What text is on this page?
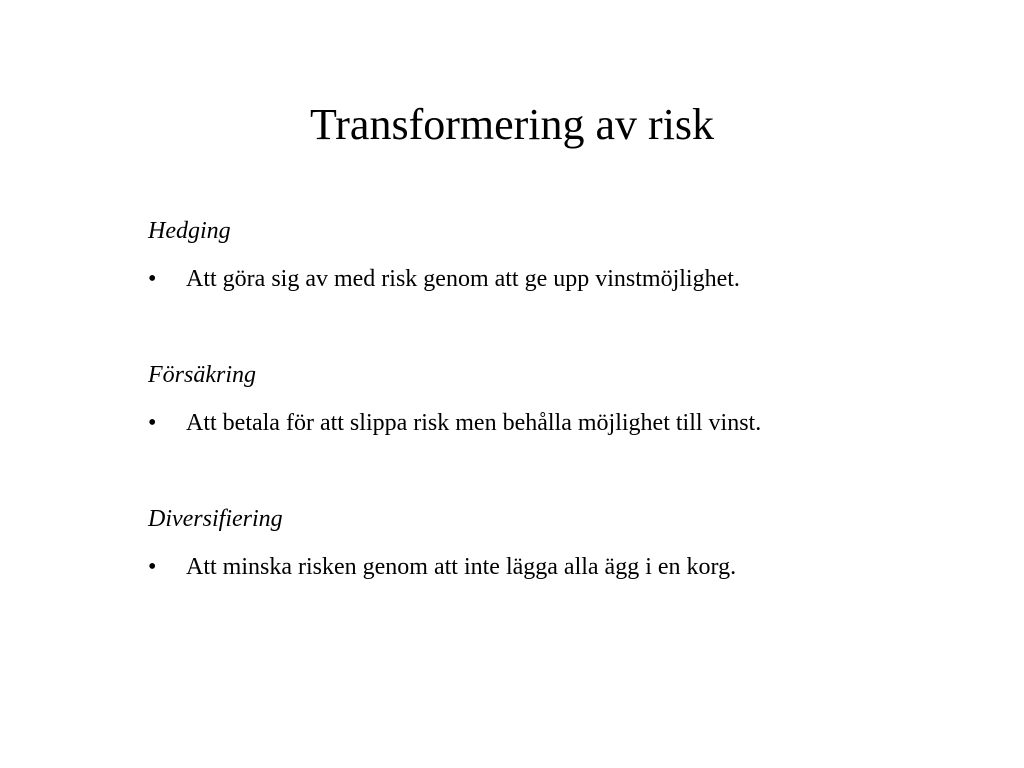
Transformering av risk
Hedging
•	Att göra sig av med risk genom att ge upp vinstmöjlighet.
Försäkring
•	Att betala för att slippa risk men behålla möjlighet till vinst.
Diversifiering
•	Att minska risken genom att inte lägga alla ägg i en korg.
